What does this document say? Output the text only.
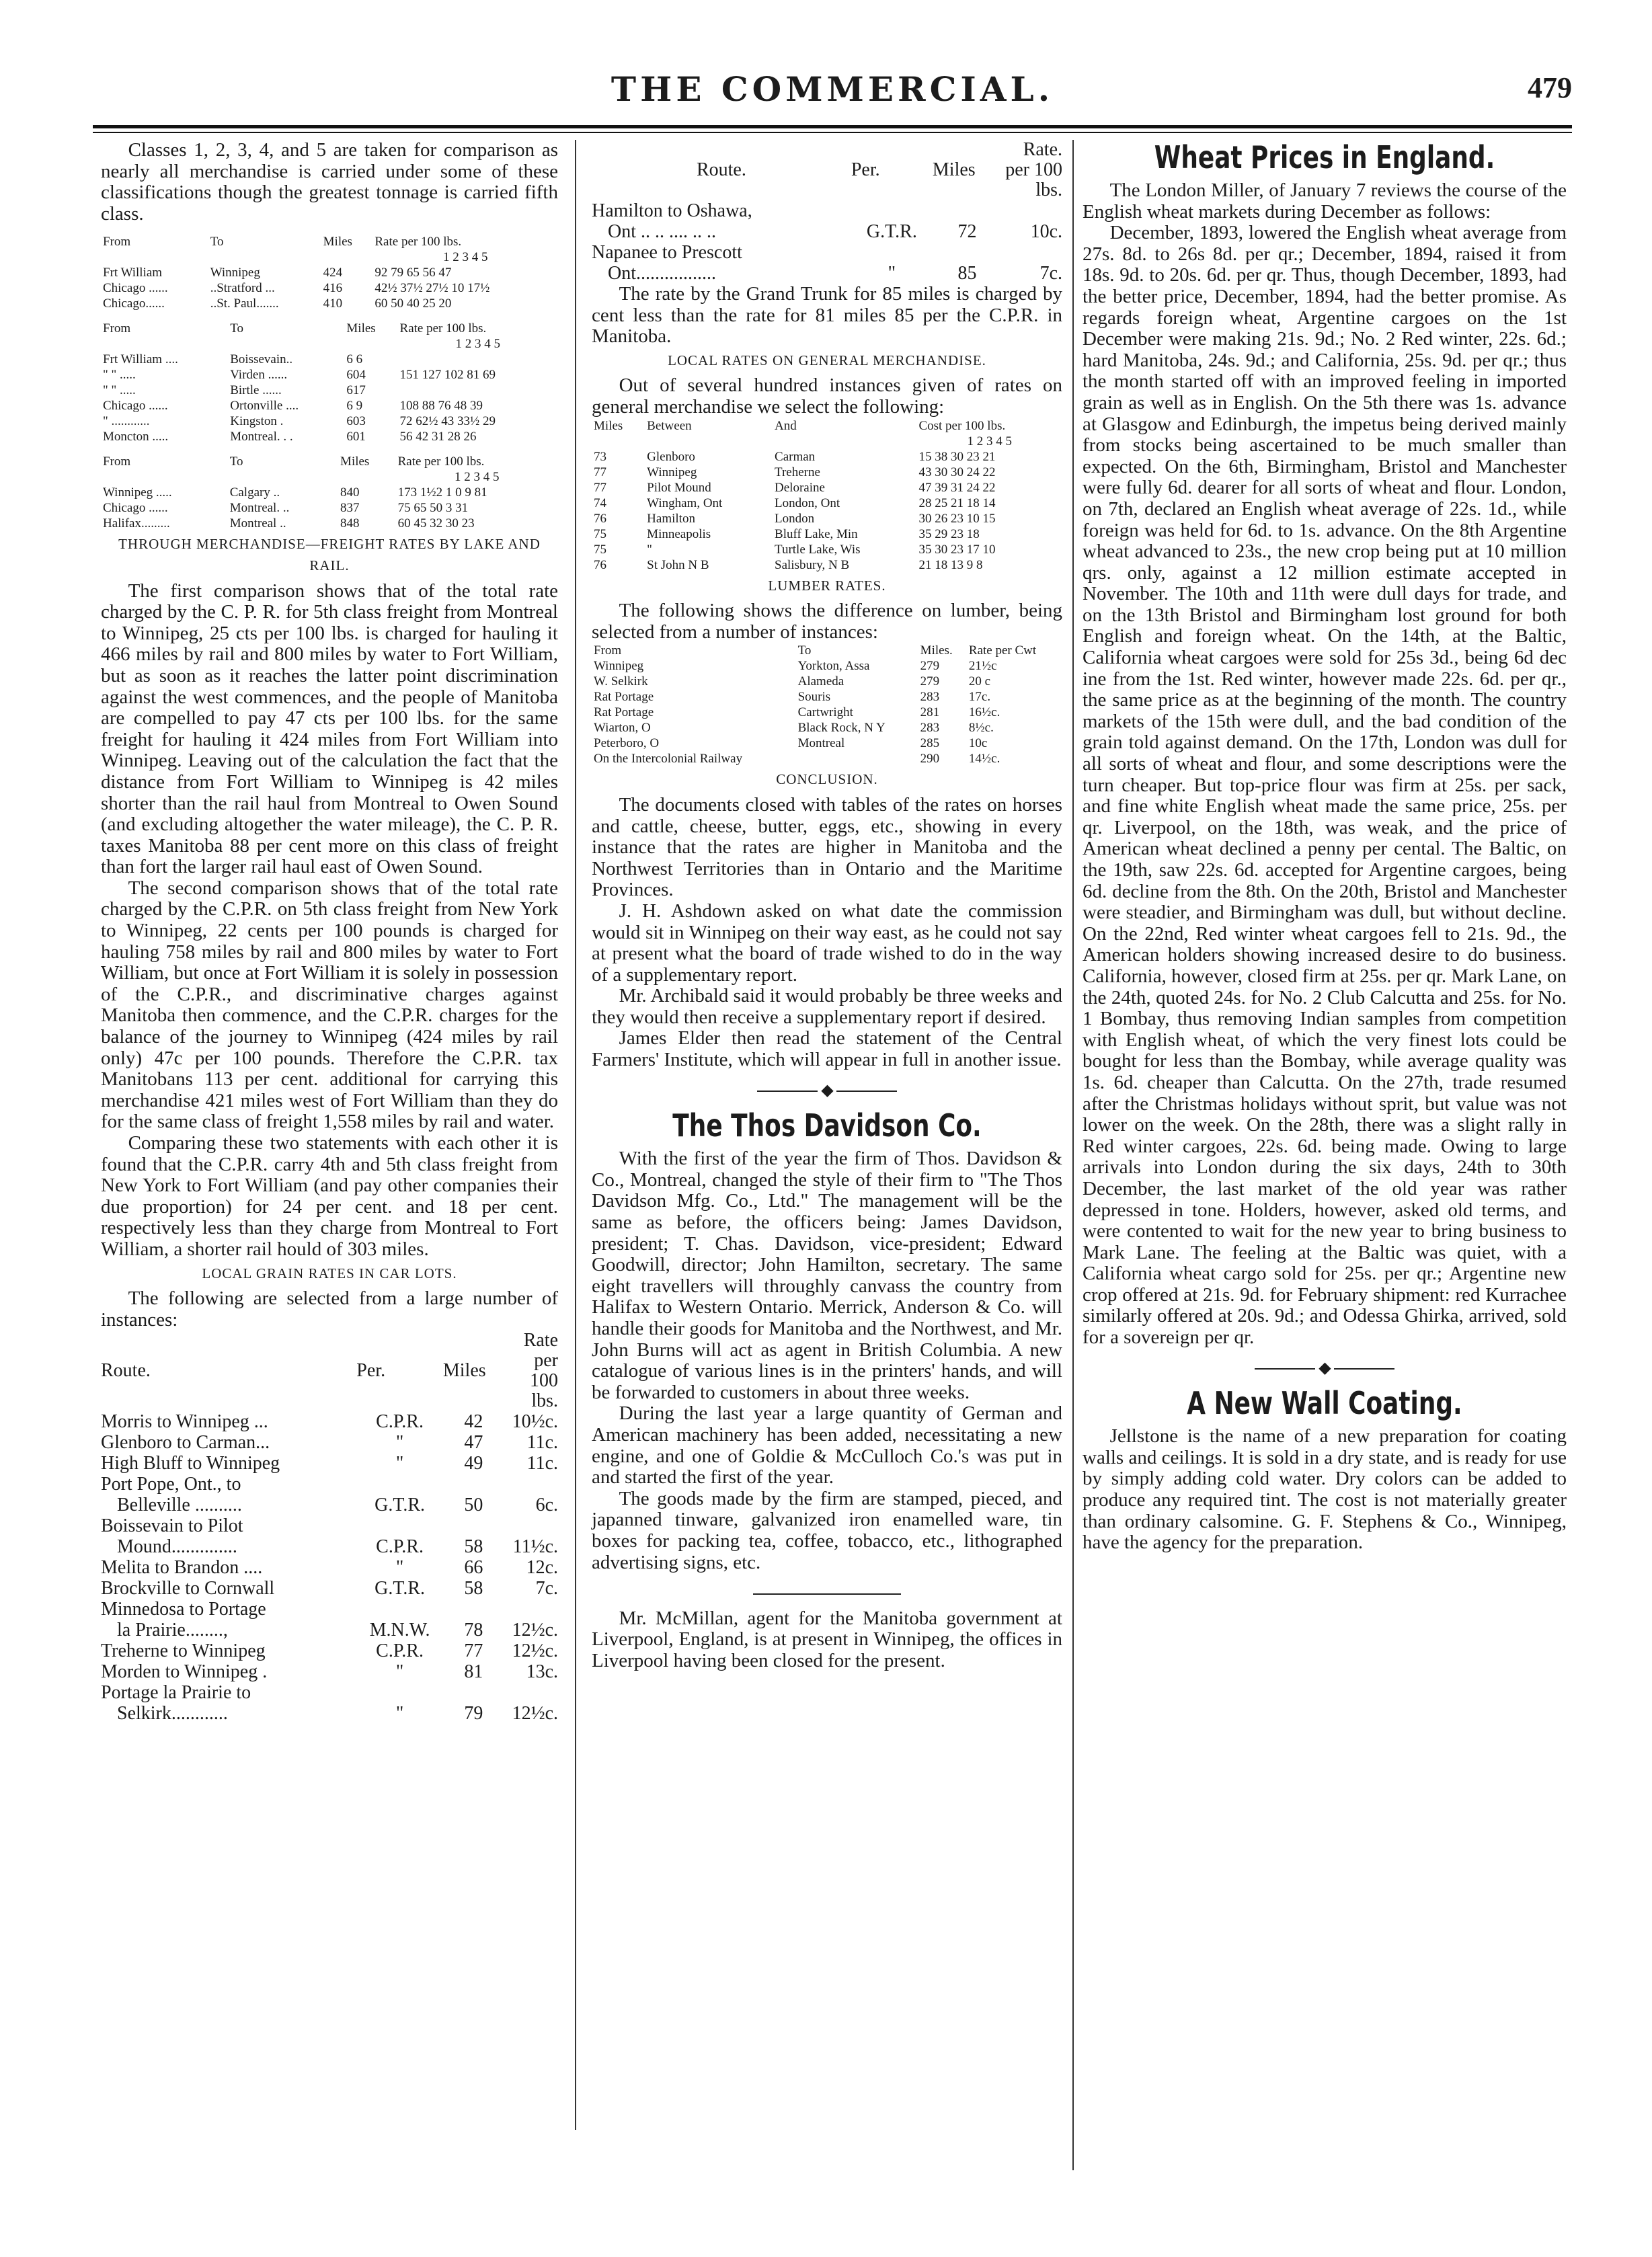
THE COMMERCIAL.	479

Classes 1, 2, 3, 4, and 5 are taken for comparison as nearly all merchandise is carried under some of these classifications though the greatest tonnage is carried fifth class.

From	To	Miles	Rate per 100 lbs.
			1 2 3 4 5
Frt William	Winnipeg	424	92 79 65 56 47
Chicago ......	..Stratford ...	416	42½ 37½ 27½ 10 17½
Chicago......	..St. Paul.......	410	60 50 40 25 20
From	To	Miles	Rate per 100 lbs.
			1 2 3 4 5
Frt William ....	Boissevain..	6 6	
" " .....	Virden ......	604	151 127 102 81 69
" " .....	Birtle ......	617	
Chicago ......	Ortonville ....	6 9	108 88 76 48 39
" ............	Kingston .	603	72 62½ 43 33½ 29
Moncton .....	Montreal. . .	601	56 42 31 28 26
From	To	Miles	Rate per 100 lbs.
			1 2 3 4 5
Winnipeg .....	Calgary ..	840	173 1½2 1 0 9 81
Chicago ......	Montreal. ..	837	75 65 50 3 31
Halifax.........	Montreal ..	848	60 45 32 30 23
THROUGH MERCHANDISE—FREIGHT RATES BY LAKE AND RAIL.

The first comparison shows that of the total rate charged by the C. P. R. for 5th class freight from Montreal to Winnipeg, 25 cts per 100 lbs. is charged for hauling it 466 miles by rail and 800 miles by water to Fort William, but as soon as it reaches the latter point discrimination against the west commences, and the people of Manitoba are compelled to pay 47 cts per 100 lbs. for the same freight for hauling it 424 miles from Fort William into Winnipeg. Leaving out of the calculation the fact that the distance from Fort William to Winnipeg is 42 miles shorter than the rail haul from Montreal to Owen Sound (and excluding altogether the water mileage), the C. P. R. taxes Manitoba 88 per cent more on this class of freight than fort the larger rail haul east of Owen Sound.

The second comparison shows that of the total rate charged by the C.P.R. on 5th class freight from New York to Winnipeg, 22 cents per 100 pounds is charged for hauling 758 miles by rail and 800 miles by water to Fort William, but once at Fort William it is solely in possession of the C.P.R., and discriminative charges against Manitoba then commence, and the C.P.R. charges for the balance of the journey to Winnipeg (424 miles by rail only) 47c per 100 pounds. Therefore the C.P.R. tax Manitobans 113 per cent. additional for carrying this merchandise 421 miles west of Fort William than they do for the same class of freight 1,558 miles by rail and water.

Comparing these two statements with each other it is found that the C.P.R. carry 4th and 5th class freight from New York to Fort William (and pay other companies their due proportion) for 24 per cent. and 18 per cent. respectively less than they charge from Montreal to Fort William, a shorter rail hould of 303 miles.

LOCAL GRAIN RATES IN CAR LOTS.

The following are selected from a large number of instances:

Route.	Per.	Miles	Rate per 100 lbs.
Morris to Winnipeg ...	C.P.R.	42	10½c.
Glenboro to Carman...	"	47	11c.
High Bluff to Winnipeg	"	49	11c.
Port Pope, Ont., to			
Belleville ..........	G.T.R.	50	6c.
Boissevain to Pilot			
Mound..............	C.P.R.	58	11½c.
Melita to Brandon ....	"	66	12c.
Brockville to Cornwall	G.T.R.	58	7c.
Minnedosa to Portage			
la Prairie........,	M.N.W.	78	12½c.
Treherne to Winnipeg	C.P.R.	77	12½c.
Morden to Winnipeg .	"	81	13c.
Portage la Prairie to			
Selkirk............	"	79	12½c.
Route.	Per.	Miles	Rate. per 100 lbs.
Hamilton to Oshawa,			
Ont .. .. .... .. ..	G.T.R.	72	10c.
Napanee to Prescott			
Ont.................	"	85	7c.

The rate by the Grand Trunk for 85 miles is charged by cent less than the rate for 81 miles 85 per the C.P.R. in Manitoba.

LOCAL RATES ON GENERAL MERCHANDISE.

Out of several hundred instances given of rates on general merchandise we select the following:

Miles	Between	And	Cost per 100 lbs.
			1 2 3 4 5
73	Glenboro	Carman	15 38 30 23 21
77	Winnipeg	Treherne	43 30 30 24 22
77	Pilot Mound	Deloraine	47 39 31 24 22
74	Wingham, Ont	London, Ont	28 25 21 18 14
76	Hamilton	London	30 26 23 10 15
75	Minneapolis	Bluff Lake, Min	35 29 23 18
75	"	Turtle Lake, Wis	35 30 23 17 10
76	St John N B	Salisbury, N B	21 18 13 9 8
LUMBER RATES.

The following shows the difference on lumber, being selected from a number of instances:

From	To	Miles.	Rate per Cwt
Winnipeg	Yorkton, Assa	279	21½c
W. Selkirk	Alameda	279	20 c
Rat Portage	Souris	283	17c.
Rat Portage	Cartwright	281	16½c.
Wiarton, O	Black Rock, N Y	283	8½c.
Peterboro, O	Montreal	285	10c
On the Intercolonial Railway		290	14½c.
CONCLUSION.

The documents closed with tables of the rates on horses and cattle, cheese, butter, eggs, etc., showing in every instance that the rates are higher in Manitoba and the Northwest Territories than in Ontario and the Maritime Provinces.

J. H. Ashdown asked on what date the commission would sit in Winnipeg on their way east, as he could not say at present what the board of trade wished to do in the way of a supplementary report.

Mr. Archibald said it would probably be three weeks and they would then receive a supplementary report if desired.

James Elder then read the statement of the Central Farmers' Institute, which will appear in full in another issue.

◆
The Thos Davidson Co.

With the first of the year the firm of Thos. Davidson & Co., Montreal, changed the style of their firm to "The Thos Davidson Mfg. Co., Ltd." The management will be the same as before, the officers being: James Davidson, president; T. Chas. Davidson, vice-president; Edward Goodwill, director; John Hamilton, secretary. The same eight travellers will throughly canvass the country from Halifax to Western Ontario. Merrick, Anderson & Co. will handle their goods for Manitoba and the Northwest, and Mr. John Burns will act as agent in British Columbia. A new catalogue of various lines is in the printers' hands, and will be forwarded to customers in about three weeks.

During the last year a large quantity of German and American machinery has been added, necessitating a new engine, and one of Goldie & McCulloch Co.'s was put in and started the first of the year.

The goods made by the firm are stamped, pieced, and japanned tinware, galvanized iron enamelled ware, tin boxes for packing tea, coffee, tobacco, etc., lithographed advertising signs, etc.

Mr. McMillan, agent for the Manitoba government at Liverpool, England, is at present in Winnipeg, the offices in Liverpool having been closed for the present.

Wheat Prices in England.

The London Miller, of January 7 reviews the course of the English wheat markets during December as follows:

December, 1893, lowered the English wheat average from 27s. 8d. to 26s 8d. per qr.; December, 1894, raised it from 18s. 9d. to 20s. 6d. per qr. Thus, though December, 1893, had the better price, December, 1894, had the better promise. As regards foreign wheat, Argentine cargoes on the 1st December were making 21s. 9d.; No. 2 Red winter, 22s. 6d.; hard Manitoba, 24s. 9d.; and California, 25s. 9d. per qr.; thus the month started off with an improved feeling in imported grain as well as in English. On the 5th there was 1s. advance at Glasgow and Edinburgh, the impetus being derived mainly from stocks being ascertained to be much smaller than expected. On the 6th, Birmingham, Bristol and Manchester were fully 6d. dearer for all sorts of wheat and flour. London, on 7th, declared an English wheat average of 22s. 1d., while foreign was held for 6d. to 1s. advance. On the 8th Argentine wheat advanced to 23s., the new crop being put at 10 million qrs. only, against a 12 million estimate accepted in November. The 10th and 11th were dull days for trade, and on the 13th Bristol and Birmingham lost ground for both English and foreign wheat. On the 14th, at the Baltic, California wheat cargoes were sold for 25s 3d., being 6d dec ine from the 1st. Red winter, however made 22s. 6d. per qr., the same price as at the beginning of the month. The country markets of the 15th were dull, and the bad condition of the grain told against demand. On the 17th, London was dull for all sorts of wheat and flour, and some descriptions were the turn cheaper. But top-price flour was firm at 25s. per sack, and fine white English wheat made the same price, 25s. per qr. Liverpool, on the 18th, was weak, and the price of American wheat declined a penny per cental. The Baltic, on the 19th, saw 22s. 6d. accepted for Argentine cargoes, being 6d. decline from the 8th. On the 20th, Bristol and Manchester were steadier, and Birmingham was dull, but without decline. On the 22nd, Red winter wheat cargoes fell to 21s. 9d., the American holders showing increased desire to do business. California, however, closed firm at 25s. per qr. Mark Lane, on the 24th, quoted 24s. for No. 2 Club Calcutta and 25s. for No. 1 Bombay, thus removing Indian samples from competition with English wheat, of which the very finest lots could be bought for less than the Bombay, while average quality was 1s. 6d. cheaper than Calcutta. On the 27th, trade resumed after the Christmas holidays without sprit, but value was not lower on the week. On the 28th, there was a slight rally in Red winter cargoes, 22s. 6d. being made. Owing to large arrivals into London during the six days, 24th to 30th December, the last market of the old year was rather depressed in tone. Holders, however, asked old terms, and were contented to wait for the new year to bring business to Mark Lane. The feeling at the Baltic was quiet, with a California wheat cargo sold for 25s. per qr.; Argentine new crop offered at 21s. 9d. for February shipment: red Kurrachee similarly offered at 20s. 9d.; and Odessa Ghirka, arrived, sold for a sovereign per qr.

◆
A New Wall Coating.

Jellstone is the name of a new preparation for coating walls and ceilings. It is sold in a dry state, and is ready for use by simply adding cold water. Dry colors can be added to produce any required tint. The cost is not materially greater than ordinary calsomine. G. F. Stephens & Co., Winnipeg, have the agency for the preparation.
